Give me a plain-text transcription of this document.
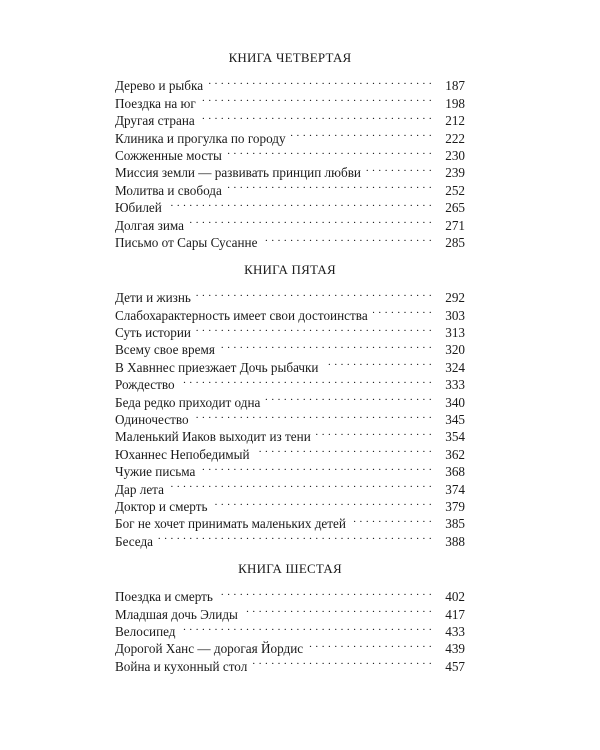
КНИГА ЧЕТВЕРТАЯ
Дерево и рыбка . . .	187
Поездка на юг . . .	198
Другая страна . . .	212
Клиника и прогулка по городу . . .	222
Сожженные мосты . . .	230
Миссия земли — развивать принцип любви . . .	239
Молитва и свобода . . .	252
Юбилей . . .	265
Долгая зима . . .	271
Письмо от Сары Сусанне . . .	285
КНИГА ПЯТАЯ
Дети и жизнь . . .	292
Слабохарактерность имеет свои достоинства . . .	303
Суть истории . . .	313
Всему свое время . . .	320
В Хавннес приезжает Дочь рыбачки . . .	324
Рождество . . .	333
Беда редко приходит одна . . .	340
Одиночество . . .	345
Маленький Иаков выходит из тени . . .	354
Юханнес Непобедимый . . .	362
Чужие письма . . .	368
Дар лета . . .	374
Доктор и смерть . . .	379
Бог не хочет принимать маленьких детей . . .	385
Беседа . . .	388
КНИГА ШЕСТАЯ
Поездка и смерть . . .	402
Младшая дочь Элиды . . .	417
Велосипед . . .	433
Дорогой Ханс — дорогая Йордис . . .	439
Война и кухонный стол . . .	457
